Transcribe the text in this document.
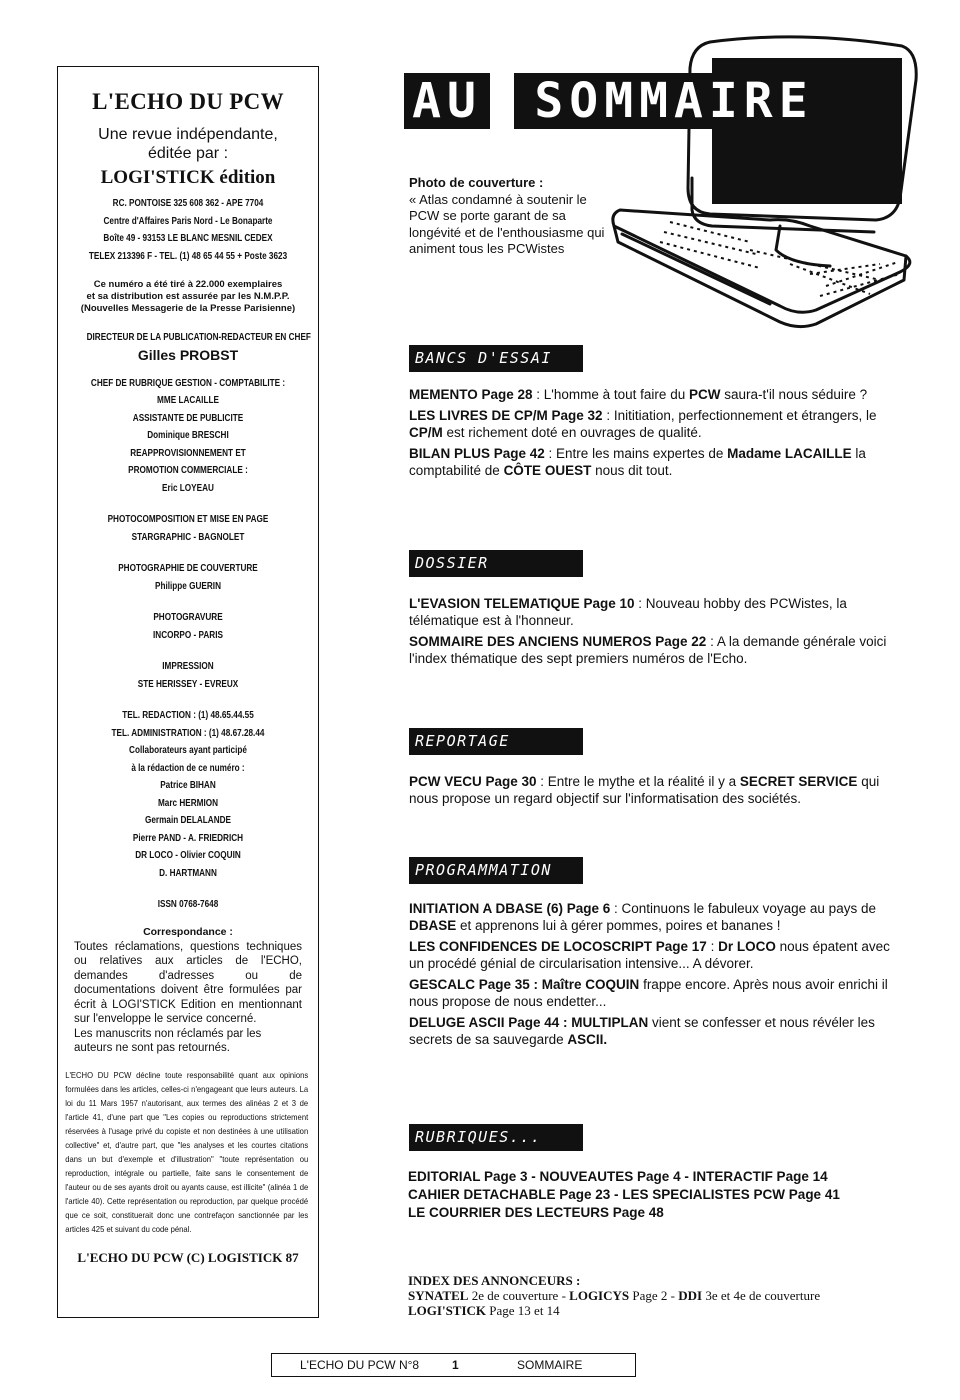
L'ECHO DU PCW
Une revue indépendante,
éditée par :
LOGI'STICK édition
RC. PONTOISE 325 608 362 - APE 7704
Centre d'Affaires Paris Nord - Le Bonaparte
Boîte 49 - 93153 LE BLANC MESNIL CEDEX
TELEX 213396 F - TEL. (1) 48 65 44 55 + Poste 3623
Ce numéro a été tiré à 22.000 exemplaires
et sa distribution est assurée par les N.M.P.P.
(Nouvelles Messagerie de la Presse Parisienne)
DIRECTEUR DE LA PUBLICATION-REDACTEUR EN CHEF
Gilles PROBST
CHEF DE RUBRIQUE GESTION - COMPTABILITE :
MME LACAILLE
ASSISTANTE DE PUBLICITE
Dominique BRESCHI
REAPPROVISIONNEMENT ET
PROMOTION COMMERCIALE :
Eric LOYEAU
PHOTOCOMPOSITION ET MISE EN PAGE
STARGRAPHIC - BAGNOLET
PHOTOGRAPHIE DE COUVERTURE
Philippe GUERIN
PHOTOGRAVURE
INCORPO - PARIS
IMPRESSION
STE HERISSEY - EVREUX
TEL. REDACTION : (1) 48.65.44.55
TEL. ADMINISTRATION : (1) 48.67.28.44
Collaborateurs ayant participé
à la rédaction de ce numéro :
Patrice BIHAN
Marc HERMION
Germain DELALANDE
Pierre PAND - A. FRIEDRICH
DR LOCO - Olivier COQUIN
D. HARTMANN
ISSN 0768-7648
Correspondance :
Toutes réclamations, questions techniques ou relatives aux articles de l'ECHO, demandes d'adresses ou de documentations doivent être formulées par écrit à LOGI'STICK Edition en mentionnant sur l'enveloppe le service concerné.
Les manuscrits non réclamés par les auteurs ne sont pas retournés.
L'ECHO DU PCW décline toute responsabilité quant aux opinions formulées dans les articles, celles-ci n'engageant que leurs auteurs. La loi du 11 Mars 1957 n'autorisant, aux termes des alinéas 2 et 3 de l'article 41, d'une part que "Les copies ou reproductions strictement réservées à l'usage privé du copiste et non destinées à une utilisation collective" et, d'autre part, que "les analyses et les courtes citations dans un but d'exemple et d'illustration" "toute représentation ou reproduction, intégrale ou partielle, faite sans le consentement de l'auteur ou de ses ayants droit ou ayants cause, est illicite" (alinéa 1 de l'article 40). Cette représentation ou reproduction, par quelque procédé que ce soit, constituerait donc une contrefaçon sanctionnée par les articles 425 et suivant du code pénal.
L'ECHO DU PCW (C) LOGISTICK 87
AU	SOMMAIRE
Photo de couverture :
« Atlas condamné à soutenir le PCW se porte garant de sa longévité et de l'enthousiasme qui animent tous les PCWistes
BANCS D'ESSAI
MEMENTO Page 28 : L'homme à tout faire du PCW saura-t'il nous séduire ?
LES LIVRES DE CP/M Page 32 : Inititiation, perfectionnement et étrangers, le CP/M est richement doté en ouvrages de qualité.
BILAN PLUS Page 42 : Entre les mains expertes de Madame LACAILLE la comptabilité de CÔTE OUEST nous dit tout.
DOSSIER
L'EVASION TELEMATIQUE Page 10 : Nouveau hobby des PCWistes, la télématique est à l'honneur.
SOMMAIRE DES ANCIENS NUMEROS Page 22 : A la demande générale voici l'index thématique des sept premiers numéros de l'Echo.
REPORTAGE
PCW VECU Page 30 : Entre le mythe et la réalité il y a SECRET SERVICE qui nous propose un regard objectif sur l'informatisation des sociétés.
PROGRAMMATION
INITIATION A DBASE (6) Page 6 : Continuons le fabuleux voyage au pays de DBASE et apprenons lui à gérer pommes, poires et bananes !
LES CONFIDENCES DE LOCOSCRIPT Page 17 : Dr LOCO nous épatent avec un procédé génial de circularisation intensive... A dévorer.
GESCALC Page 35 : Maître COQUIN frappe encore. Après nous avoir enrichi il nous propose de nous endetter...
DELUGE ASCII Page 44 : MULTIPLAN vient se confesser et nous révéler les secrets de sa sauvegarde ASCII.
RUBRIQUES...
EDITORIAL Page 3 - NOUVEAUTES Page 4 - INTERACTIF Page 14
CAHIER DETACHABLE Page 23 - LES SPECIALISTES PCW Page 41
LE COURRIER DES LECTEURS Page 48
INDEX DES ANNONCEURS :
SYNATEL 2e de couverture - LOGICYS Page 2 - DDI 3e et 4e de couverture
LOGI'STICK Page 13 et 14
L'ECHO DU PCW N°8	1	SOMMAIRE
